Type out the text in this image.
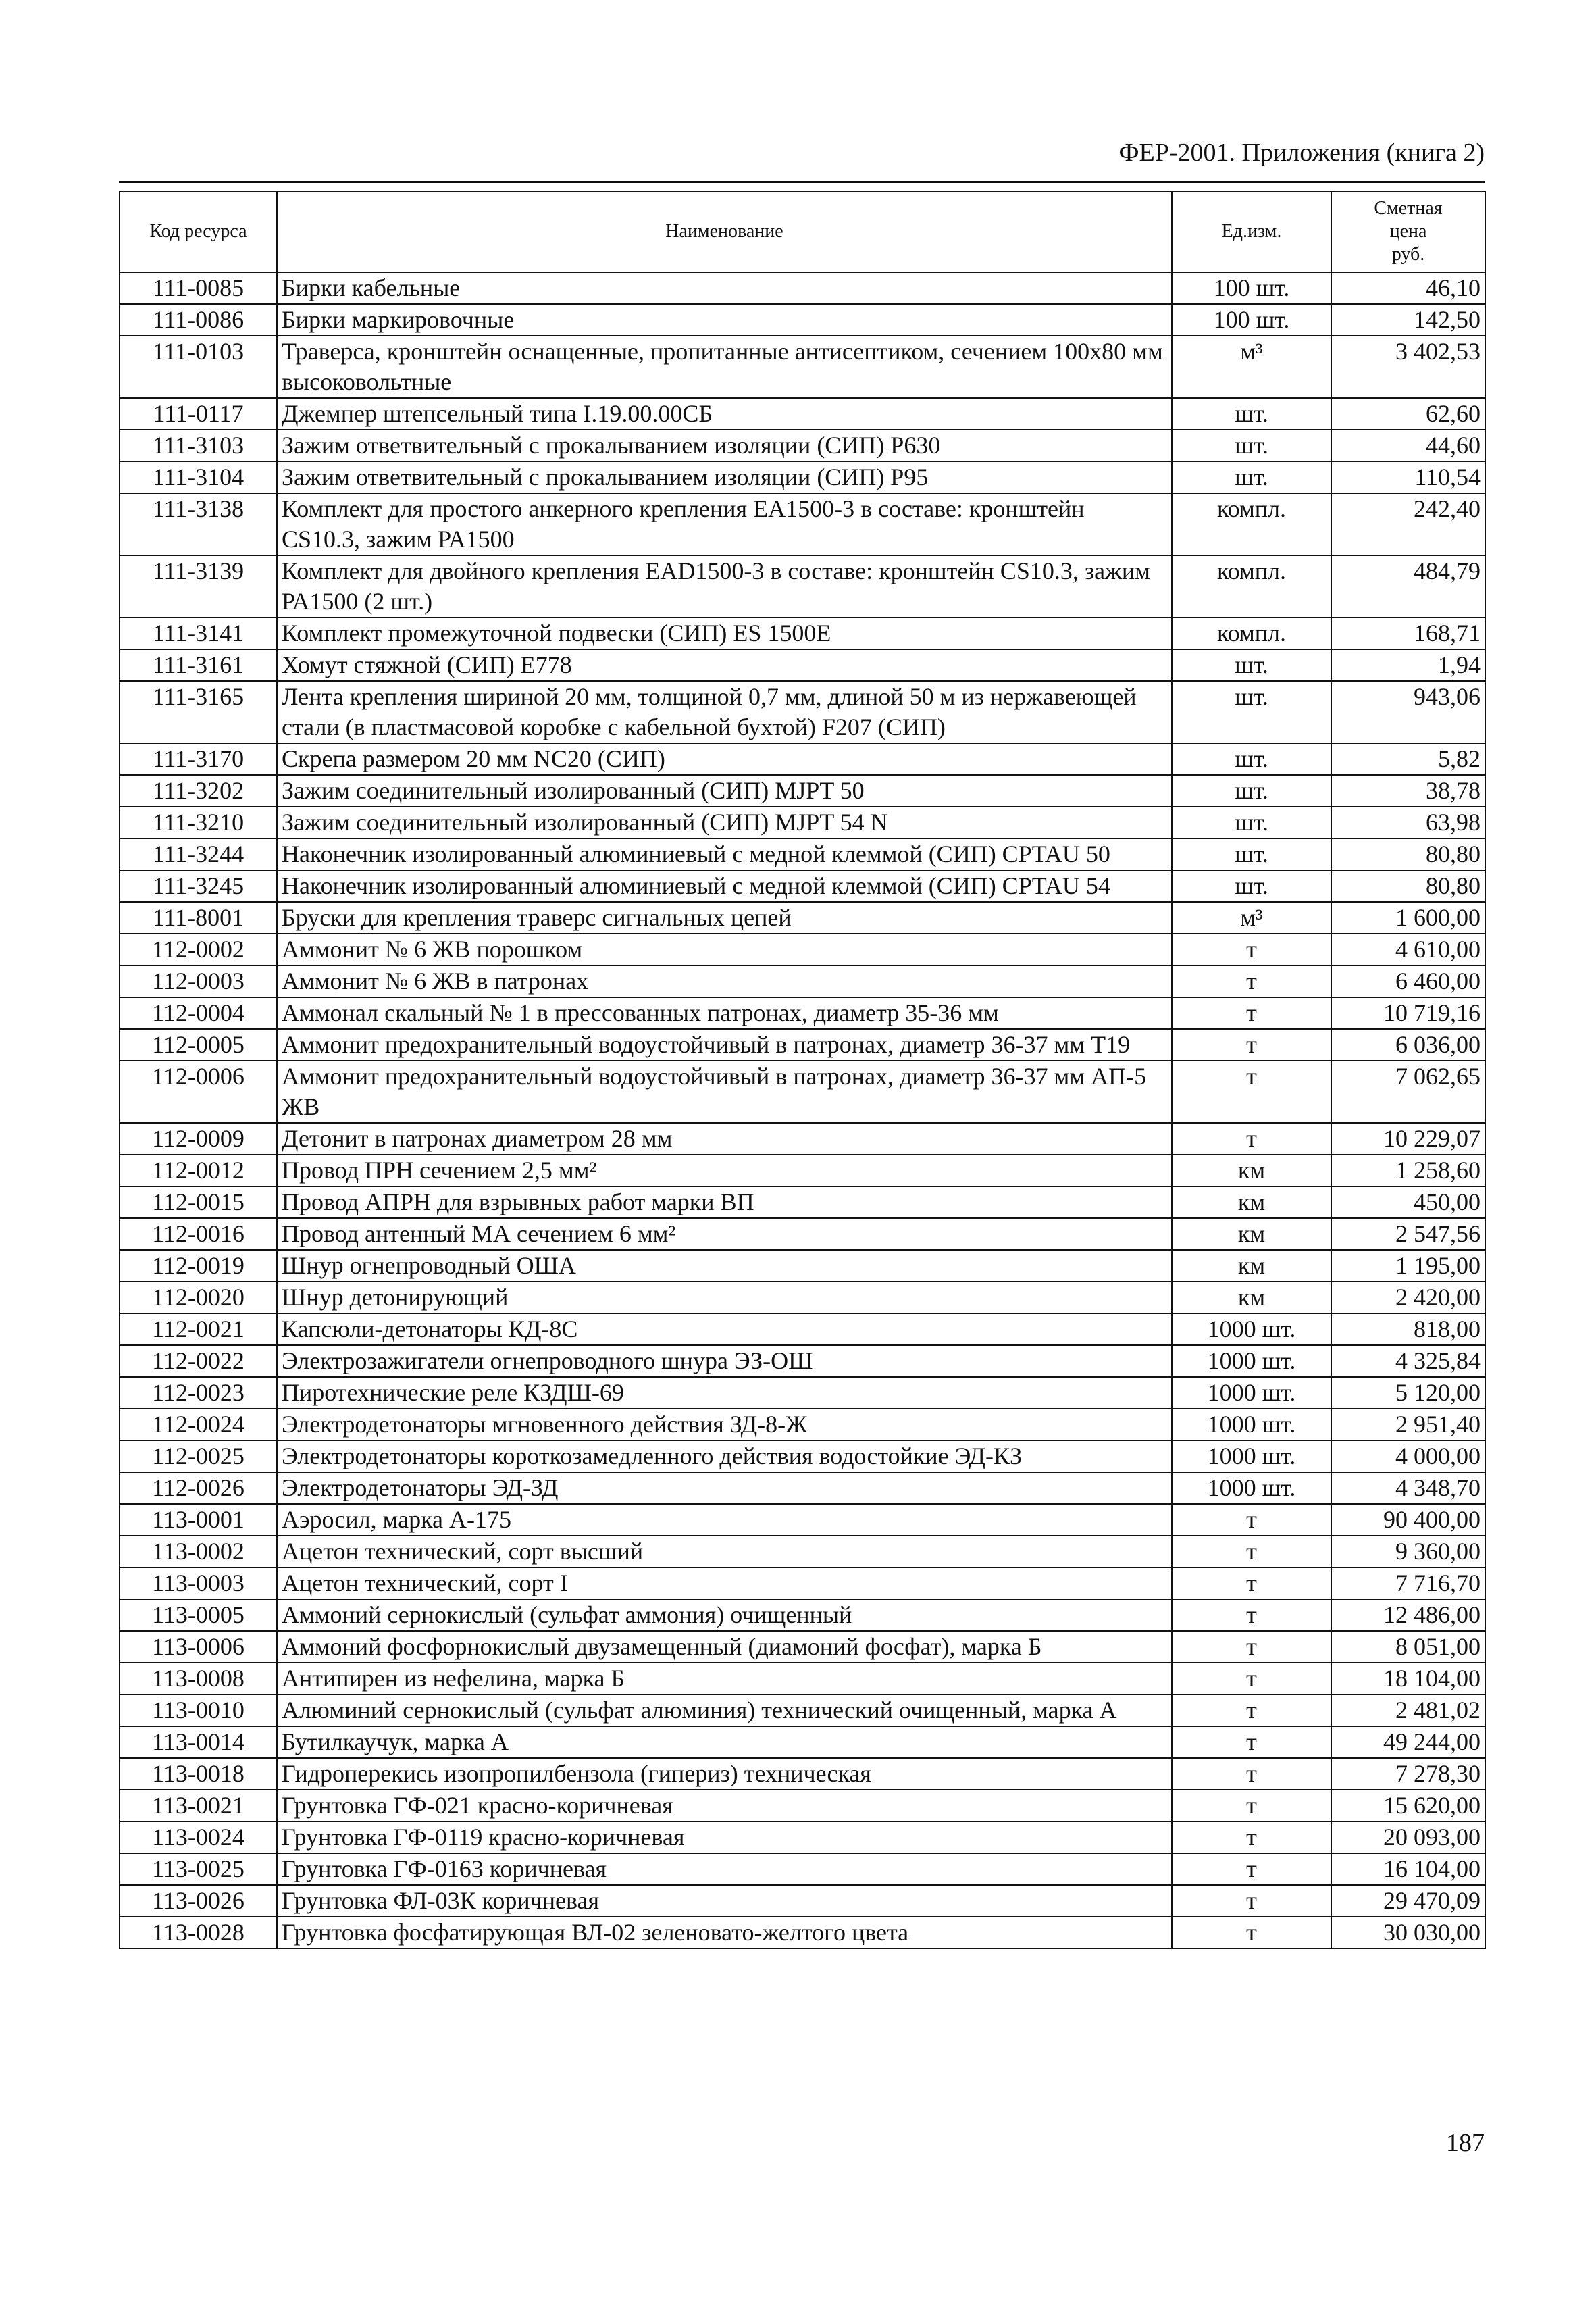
ФЕР-2001. Приложения (книга 2)
Код ресурса	Наименование	Ед.изм.	Сметная
цена
руб.
111-0085	Бирки кабельные	100 шт.	46,10
111-0086	Бирки маркировочные	100 шт.	142,50
111-0103	Траверса, кронштейн оснащенные, пропитанные антисептиком, сечением 100х80 мм высоковольтные	м³	3 402,53
111-0117	Джемпер штепсельный типа I.19.00.00СБ	шт.	62,60
111-3103	Зажим ответвительный с прокалыванием изоляции (СИП) Р630	шт.	44,60
111-3104	Зажим ответвительный с прокалыванием изоляции (СИП) Р95	шт.	110,54
111-3138	Комплект для простого анкерного крепления ЕА1500-3 в составе: кронштейн CS10.3, зажим РА1500	компл.	242,40
111-3139	Комплект для двойного крепления EAD1500-3 в составе: кронштейн CS10.3, зажим РА1500 (2 шт.)	компл.	484,79
111-3141	Комплект промежуточной подвески (СИП) ES 1500Е	компл.	168,71
111-3161	Хомут стяжной (СИП) Е778	шт.	1,94
111-3165	Лента крепления шириной 20 мм, толщиной 0,7 мм, длиной 50 м из нержавеющей стали (в пластмасовой коробке с кабельной бухтой) F207 (СИП)	шт.	943,06
111-3170	Скрепа размером 20 мм NC20 (СИП)	шт.	5,82
111-3202	Зажим соединительный изолированный (СИП) MJPT 50	шт.	38,78
111-3210	Зажим соединительный изолированный (СИП) MJPT 54 N	шт.	63,98
111-3244	Наконечник изолированный алюминиевый с медной клеммой (СИП) CPTAU 50	шт.	80,80
111-3245	Наконечник изолированный алюминиевый с медной клеммой (СИП) CPTAU 54	шт.	80,80
111-8001	Бруски для крепления траверс сигнальных цепей	м³	1 600,00
112-0002	Аммонит № 6 ЖВ порошком	т	4 610,00
112-0003	Аммонит № 6 ЖВ в патронах	т	6 460,00
112-0004	Аммонал скальный № 1 в прессованных патронах, диаметр 35-36 мм	т	10 719,16
112-0005	Аммонит предохранительный водоустойчивый в патронах, диаметр 36-37 мм Т19	т	6 036,00
112-0006	Аммонит предохранительный водоустойчивый в патронах, диаметр 36-37 мм АП-5 ЖВ	т	7 062,65
112-0009	Детонит в патронах диаметром 28 мм	т	10 229,07
112-0012	Провод ПРН сечением 2,5 мм²	км	1 258,60
112-0015	Провод АПРН для взрывных работ марки ВП	км	450,00
112-0016	Провод антенный МА сечением 6 мм²	км	2 547,56
112-0019	Шнур огнепроводный ОША	км	1 195,00
112-0020	Шнур детонирующий	км	2 420,00
112-0021	Капсюли-детонаторы КД-8С	1000 шт.	818,00
112-0022	Электрозажигатели огнепроводного шнура ЭЗ-ОШ	1000 шт.	4 325,84
112-0023	Пиротехнические реле КЗДШ-69	1000 шт.	5 120,00
112-0024	Электродетонаторы мгновенного действия ЗД-8-Ж	1000 шт.	2 951,40
112-0025	Электродетонаторы короткозамедленного действия водостойкие ЭД-КЗ	1000 шт.	4 000,00
112-0026	Электродетонаторы ЭД-ЗД	1000 шт.	4 348,70
113-0001	Аэросил, марка А-175	т	90 400,00
113-0002	Ацетон технический, сорт высший	т	9 360,00
113-0003	Ацетон технический, сорт I	т	7 716,70
113-0005	Аммоний сернокислый (сульфат аммония) очищенный	т	12 486,00
113-0006	Аммоний фосфорнокислый двузамещенный (диамоний фосфат), марка Б	т	8 051,00
113-0008	Антипирен из нефелина, марка Б	т	18 104,00
113-0010	Алюминий сернокислый (сульфат алюминия) технический очищенный, марка А	т	2 481,02
113-0014	Бутилкаучук, марка А	т	49 244,00
113-0018	Гидроперекись изопропилбензола (гипериз) техническая	т	7 278,30
113-0021	Грунтовка ГФ-021 красно-коричневая	т	15 620,00
113-0024	Грунтовка ГФ-0119 красно-коричневая	т	20 093,00
113-0025	Грунтовка ГФ-0163 коричневая	т	16 104,00
113-0026	Грунтовка ФЛ-03К коричневая	т	29 470,09
113-0028	Грунтовка фосфатирующая ВЛ-02 зеленовато-желтого цвета	т	30 030,00
187
